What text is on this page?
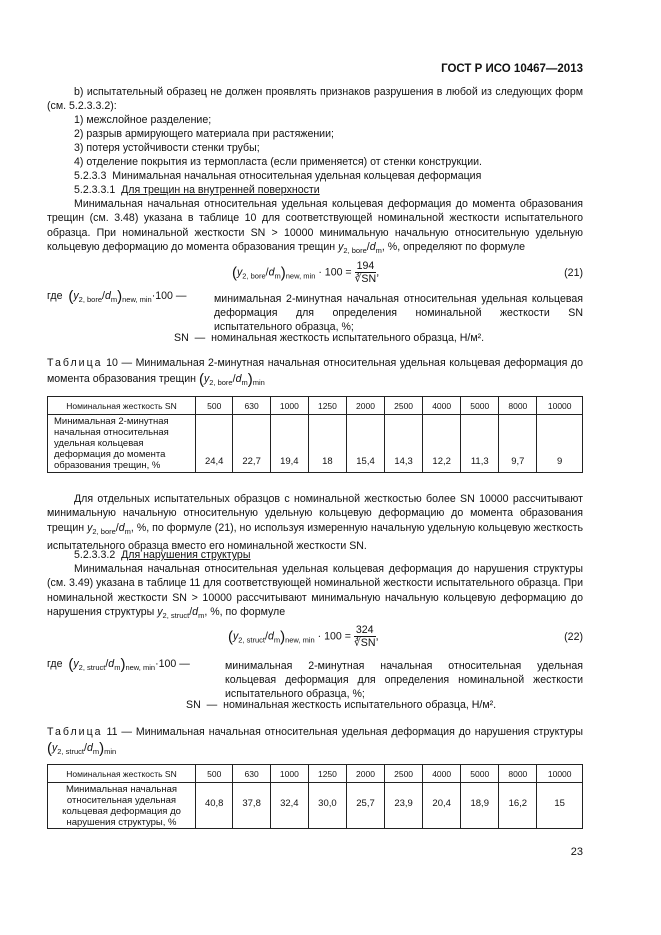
ГОСТ Р ИСО 10467—2013
b) испытательный образец не должен проявлять признаков разрушения в любой из следующих форм (см. 5.2.3.3.2):
1) межслойное разделение;
2) разрыв армирующего материала при растяжении;
3) потеря устойчивости стенки трубы;
4) отделение покрытия из термопласта (если применяется) от стенки конструкции.
5.2.3.3 Минимальная начальная относительная удельная кольцевая деформация
5.2.3.3.1 Для трещин на внутренней поверхности
Минимальная начальная относительная удельная кольцевая деформация до момента образования трещин (см. 3.48) указана в таблице 10 для соответствующей номинальной жесткости испытательного образца. При номинальной жесткости SN > 10000 минимальную начальную относительную удельную кольцевую деформацию до момента образования трещин $y_{2, bore}/d_m$, %, определяют по формуле
$(y_{2, bore}/d_m)_{new, min} \cdot 100 = \frac{194}{∛SN}$ ,	(21)
где $(y_{2, bore}/d_m)_{new, min}\cdot 100$ —	минимальная 2-минутная начальная относительная удельная кольцевая деформация для определения номинальной жесткости SN испытательного образца, %;
SN — номинальная жесткость испытательного образца, Н/м².
Таблица 10 — Минимальная 2-минутная начальная относительная удельная кольцевая деформация до момента образования трещин $(y_{2, bore}/d_m)_{min}$
Номинальная жесткость SN	500	630	1000	1250	2000	2500	4000	5000	8000	10000

Минимальная 2-минутная начальная относительная удельная кольцевая деформация до момента образования трещин, %	24,4	22,7	19,4	18	15,4	14,3	12,2	11,3	9,7	9
Для отдельных испытательных образцов с номинальной жесткостью более SN 10000 рассчитывают минимальную начальную относительную удельную кольцевую деформацию до момента образования трещин $y_{2, bore}/d_m$, %, по формуле (21), но используя измеренную начальную удельную кольцевую жесткость испытательного образца вместо его номинальной жесткости SN.
5.2.3.3.2 Для нарушения структуры
Минимальная начальная относительная удельная кольцевая деформация до нарушения структуры (см. 3.49) указана в таблице 11 для соответствующей номинальной жесткости испытательного образца. При номинальной жесткости SN > 10000 рассчитывают минимальную начальную кольцевую деформацию до нарушения структуры $y_{2, struct}/d_m$, %, по формуле
$(y_{2, struct}/d_m)_{new, min} \cdot 100 = \frac{324}{∛SN}$ ,	(22)
где $(y_{2, struct}/d_m)_{new, min}\cdot 100$ —	минимальная 2-минутная начальная относительная удельная кольцевая деформация для определения номинальной жесткости испытательного образца, %;
SN — номинальная жесткость испытательного образца, Н/м².
Таблица 11 — Минимальная начальная относительная удельная деформация до нарушения структуры $(y_{2, struct}/d_m)_{min}$
Номинальная жесткость SN	500	630	1000	1250	2000	2500	4000	5000	8000	10000

Минимальная начальная относительная удельная кольцевая деформация до нарушения структуры, %	40,8	37,8	32,4	30,0	25,7	23,9	20,4	18,9	16,2	15
23
